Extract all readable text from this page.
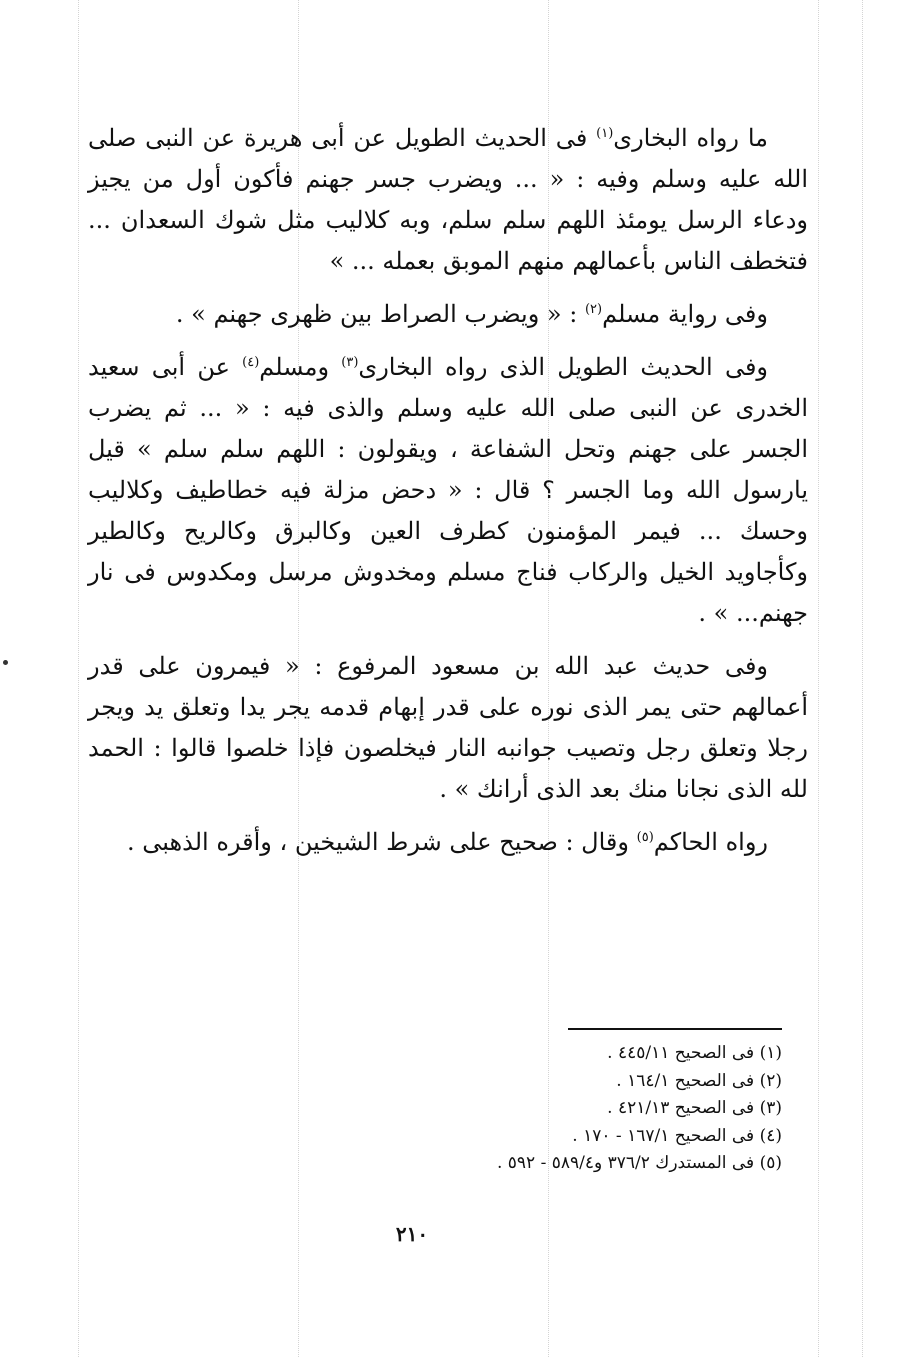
ما رواه البخارى$^{(١)}$ فى الحديث الطويل عن أبى هريرة عن النبى صلى الله عليه وسلم وفيه : « ... ويضرب جسر جهنم فأكون أول من يجيز ودعاء الرسل يومئذ اللهم سلم سلم، وبه كلاليب مثل شوك السعدان ... فتخطف الناس بأعمالهم منهم الموبق بعمله ... »

وفى رواية مسلم$^{(٢)}$ : « ويضرب الصراط بين ظهرى جهنم » .

وفى الحديث الطويل الذى رواه البخارى$^{(٣)}$ ومسلم$^{(٤)}$ عن أبى سعيد الخدرى عن النبى صلى الله عليه وسلم والذى فيه : « ... ثم يضرب الجسر على جهنم وتحل الشفاعة ، ويقولون : اللهم سلم سلم » قيل يارسول الله وما الجسر ؟ قال : « دحض مزلة فيه خطاطيف وكلاليب وحسك ... فيمر المؤمنون كطرف العين وكالبرق وكالريح وكالطير وكأجاويد الخيل والركاب فناج مسلم ومخدوش مرسل ومكدوس فى نار جهنم... » .

وفى حديث عبد الله بن مسعود المرفوع : « فيمرون على قدر أعمالهم حتى يمر الذى نوره على قدر إبهام قدمه يجر يدا وتعلق يد ويجر رجلا وتعلق رجل وتصيب جوانبه النار فيخلصون فإذا خلصوا قالوا : الحمد لله الذى نجانا منك بعد الذى أرانك » .

رواه الحاكم$^{(٥)}$ وقال : صحيح على شرط الشيخين ، وأقره الذهبى .

(١) فى الصحيح ٤٤٥/١١ .
(٢) فى الصحيح ١٦٤/١ .
(٣) فى الصحيح ٤٢١/١٣ .
(٤) فى الصحيح ١٦٧/١ - ١٧٠ .
(٥) فى المستدرك ٣٧٦/٢ و٥٨٩/٤ - ٥٩٢ .
٢١٠
